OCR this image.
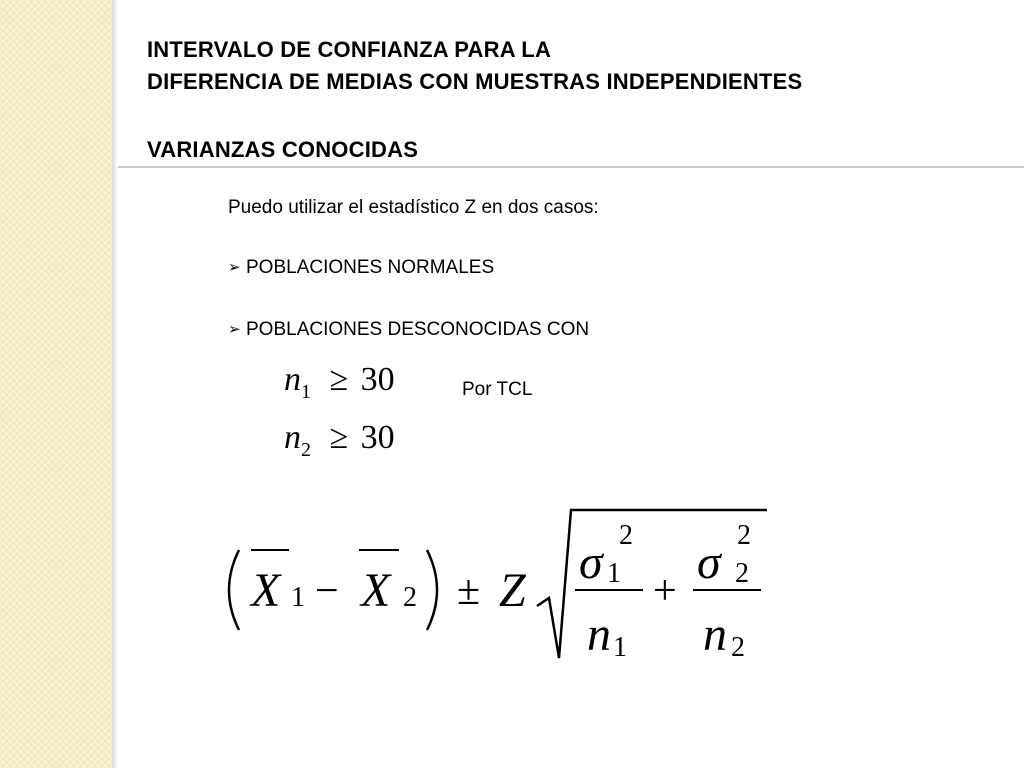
INTERVALO DE CONFIANZA PARA LA
DIFERENCIA DE MEDIAS CON MUESTRAS INDEPENDIENTES
VARIANZAS CONOCIDAS
Puedo utilizar el estadístico Z en dos casos:
➢ POBLACIONES NORMALES
➢ POBLACIONES DESCONOCIDAS CON
$n_1 \ge 30$
$n_2 \ge 30$
Por TCL
X 1 − X 2 ± Z
σ 1
2
n 1
+
σ 2
2
n 2
